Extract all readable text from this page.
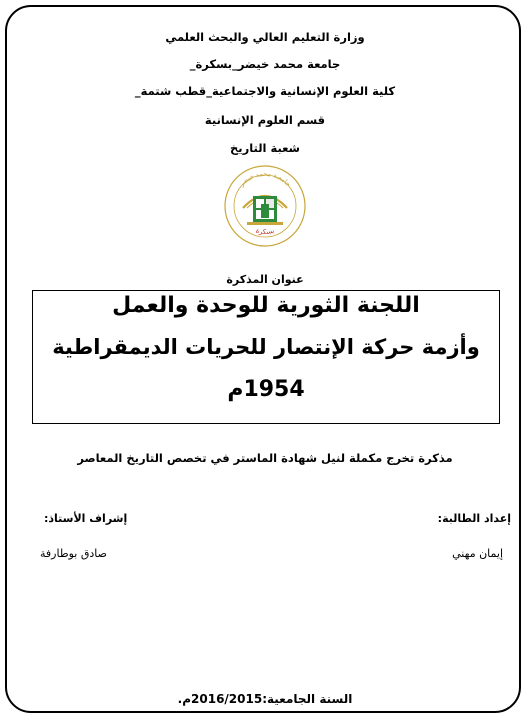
وزارة التعليم العالي والبحث العلمي
جامعة محمد خيضر_بسكرة_
كلية العلوم الإنسانية والاجتماعية_قطب شتمة_
قسم العلوم الإنسانية
شعبة التاريخ
جامعـة محمد خيضر
بسكرة
عنوان المذكرة
اللجنة الثورية للوحدة والعمل
وأزمة حركة الإنتصار للحريات الديمقراطية
1954م
مذكرة تخرج مكملة لنيل شهادة الماستر في تخصص التاريخ المعاصر
إعداد الطالبة:
إشراف الأستاذ:
إيمان مهني
صادق بوطارفة
السنة الجامعية:2016/2015م.
